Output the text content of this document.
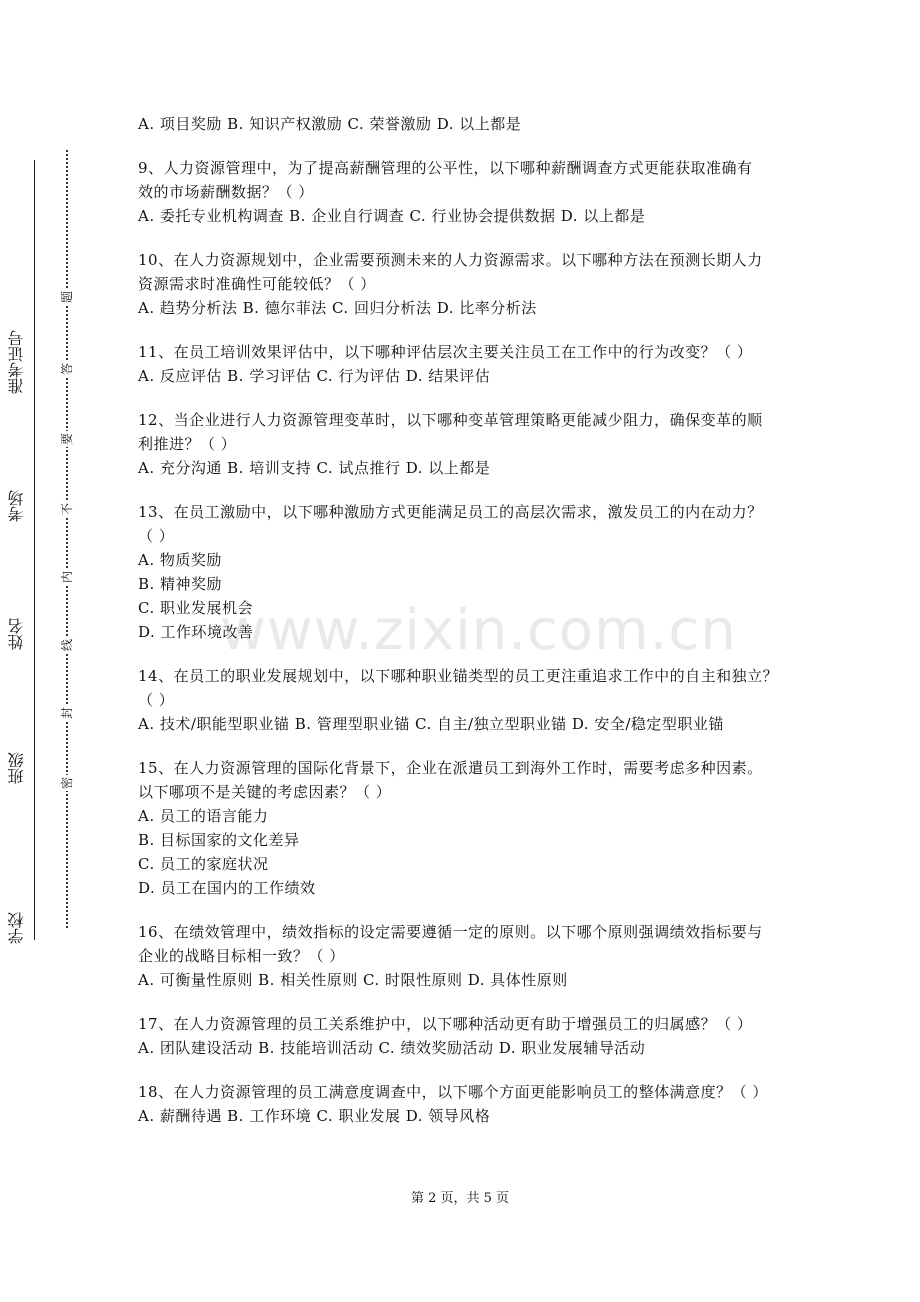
准考证号
考场
姓名
班级
学校
题
答
要
不
内
线
封
密
A. 项目奖励 B. 知识产权激励 C. 荣誉激励 D. 以上都是
9、人力资源管理中，为了提高薪酬管理的公平性，以下哪种薪酬调查方式更能获取准确有
效的市场薪酬数据？（ ）
A. 委托专业机构调查 B. 企业自行调查 C. 行业协会提供数据 D. 以上都是
10、在人力资源规划中，企业需要预测未来的人力资源需求。以下哪种方法在预测长期人力
资源需求时准确性可能较低？（ ）
A. 趋势分析法 B. 德尔菲法 C. 回归分析法 D. 比率分析法
11、在员工培训效果评估中，以下哪种评估层次主要关注员工在工作中的行为改变？（ ）
A. 反应评估 B. 学习评估 C. 行为评估 D. 结果评估
12、当企业进行人力资源管理变革时，以下哪种变革管理策略更能减少阻力，确保变革的顺
利推进？（ ）
A. 充分沟通 B. 培训支持 C. 试点推行 D. 以上都是
13、在员工激励中，以下哪种激励方式更能满足员工的高层次需求，激发员工的内在动力？
（ ）
A. 物质奖励
B. 精神奖励
C. 职业发展机会
D. 工作环境改善
14、在员工的职业发展规划中，以下哪种职业锚类型的员工更注重追求工作中的自主和独立？
（ ）
A. 技术/职能型职业锚 B. 管理型职业锚 C. 自主/独立型职业锚 D. 安全/稳定型职业锚
15、在人力资源管理的国际化背景下，企业在派遣员工到海外工作时，需要考虑多种因素。
以下哪项不是关键的考虑因素？（ ）
A. 员工的语言能力
B. 目标国家的文化差异
C. 员工的家庭状况
D. 员工在国内的工作绩效
16、在绩效管理中，绩效指标的设定需要遵循一定的原则。以下哪个原则强调绩效指标要与
企业的战略目标相一致？（ ）
A. 可衡量性原则 B. 相关性原则 C. 时限性原则 D. 具体性原则
17、在人力资源管理的员工关系维护中，以下哪种活动更有助于增强员工的归属感？（ ）
A. 团队建设活动 B. 技能培训活动 C. 绩效奖励活动 D. 职业发展辅导活动
18、在人力资源管理的员工满意度调查中，以下哪个方面更能影响员工的整体满意度？（ ）
A. 薪酬待遇 B. 工作环境 C. 职业发展 D. 领导风格
www.zixin.com.cn
第 2 页，共 5 页
